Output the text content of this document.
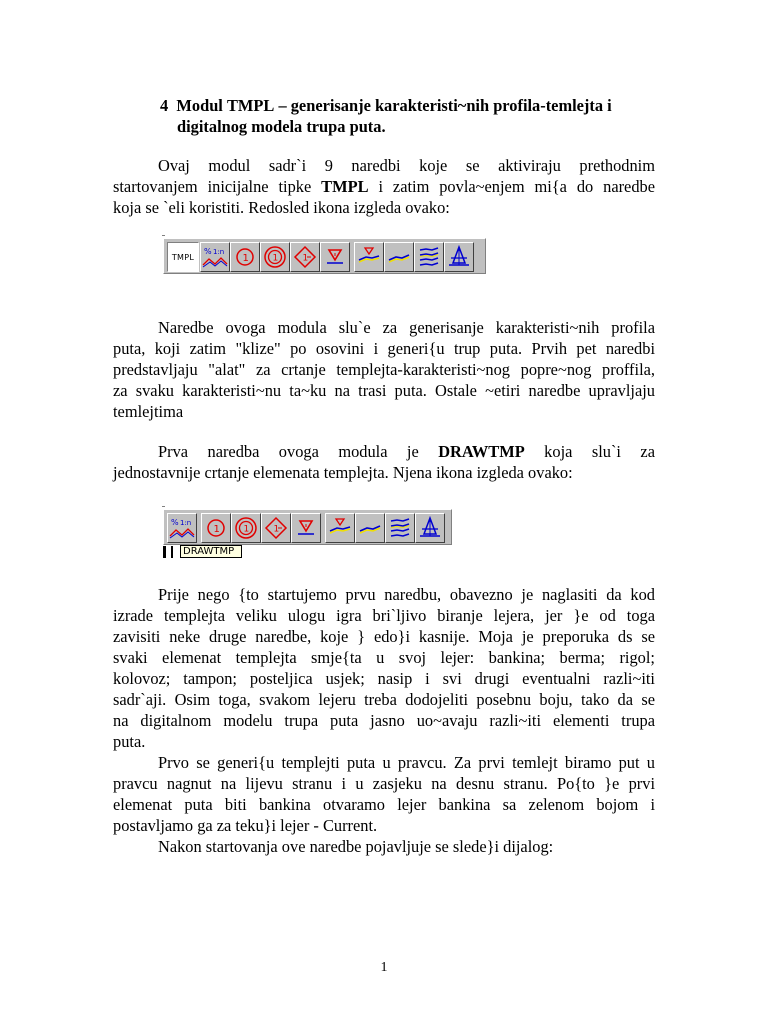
4 Modul TMPL – generisanje karakteristi~nih profila-temlejta i

digitalnog modela trupa puta.

Ovaj modul sadr`i 9 naredbi koje se aktiviraju prethodnim

startovanjem inicijalne tipke TMPL i zatim povla~enjem mi{a do naredbe

koja se `eli koristiti. Redosled ikona izgleda ovako:

TMPL
% 1:n
1	1	1

Naredbe ovoga modula slu`e za generisanje karakteristi~nih profila

puta, koji zatim "klize" po osovini i generi{u trup puta. Prvih pet naredbi

predstavljaju "alat" za crtanje templejta-karakteristi~nog popre~nog proffila,

za svaku karakteristi~nu ta~ku na trasi puta. Ostale ~etiri naredbe upravljaju

temlejtima

Prva naredba ovoga modula je DRAWTMP koja slu`i za

jednostavnije crtanje elemenata templejta. Njena ikona izgleda ovako:

% 1:n
1	1	1
DRAWTMP

Prije nego {to startujemo prvu naredbu, obavezno je naglasiti da kod

izrade templejta veliku ulogu igra bri`ljivo biranje lejera, jer }e od toga

zavisiti neke druge naredbe, koje } edo}i kasnije. Moja je preporuka ds se

svaki elemenat templejta smje{ta u svoj lejer: bankina; berma; rigol;

kolovoz; tampon; posteljica usjek; nasip i svi drugi eventualni razli~iti

sadr`aji. Osim toga, svakom lejeru treba dodojeliti posebnu boju, tako da se

na digitalnom modelu trupa puta jasno uo~avaju razli~iti elementi trupa

puta.

Prvo se generi{u templejti puta u pravcu. Za prvi temlejt biramo put u

pravcu nagnut na lijevu stranu i u zasjeku na desnu stranu. Po{to }e prvi

elemenat puta biti bankina otvaramo lejer bankina sa zelenom bojom i

postavljamo ga za teku}i lejer - Current.

Nakon startovanja ove naredbe pojavljuje se slede}i dijalog:

1
